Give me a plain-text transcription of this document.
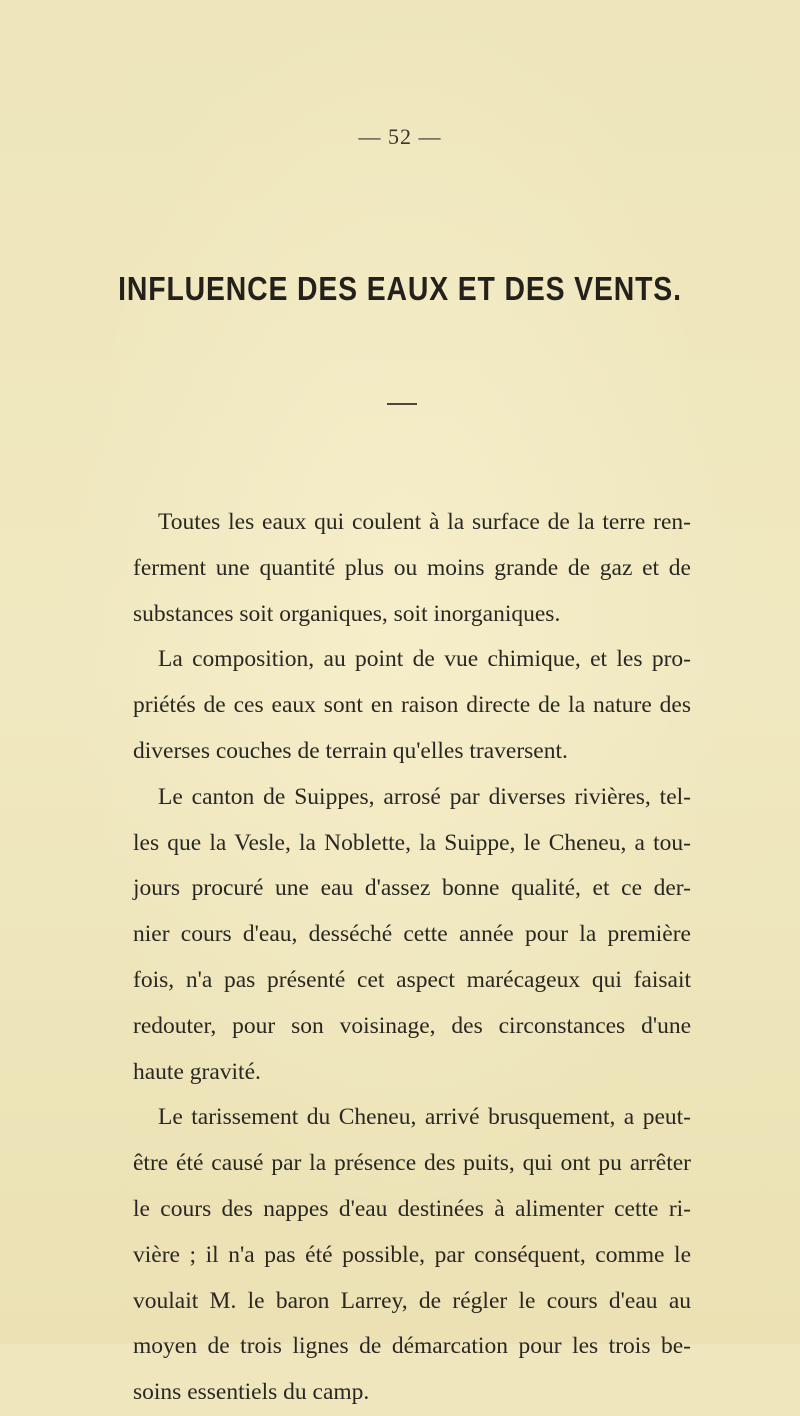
— 52 —
INFLUENCE DES EAUX ET DES VENTS.
Toutes les eaux qui coulent à la surface de la terre ren-
ferment une quantité plus ou moins grande de gaz et de
substances soit organiques, soit inorganiques.
La composition, au point de vue chimique, et les pro-
priétés de ces eaux sont en raison directe de la nature des
diverses couches de terrain qu'elles traversent.
Le canton de Suippes, arrosé par diverses rivières, tel-
les que la Vesle, la Noblette, la Suippe, le Cheneu, a tou-
jours procuré une eau d'assez bonne qualité, et ce der-
nier cours d'eau, desséché cette année pour la première
fois, n'a pas présenté cet aspect marécageux qui faisait
redouter, pour son voisinage, des circonstances d'une
haute gravité.
Le tarissement du Cheneu, arrivé brusquement, a peut-
être été causé par la présence des puits, qui ont pu arrêter
le cours des nappes d'eau destinées à alimenter cette ri-
vière ; il n'a pas été possible, par conséquent, comme le
voulait M. le baron Larrey, de régler le cours d'eau au
moyen de trois lignes de démarcation pour les trois be-
soins essentiels du camp.
